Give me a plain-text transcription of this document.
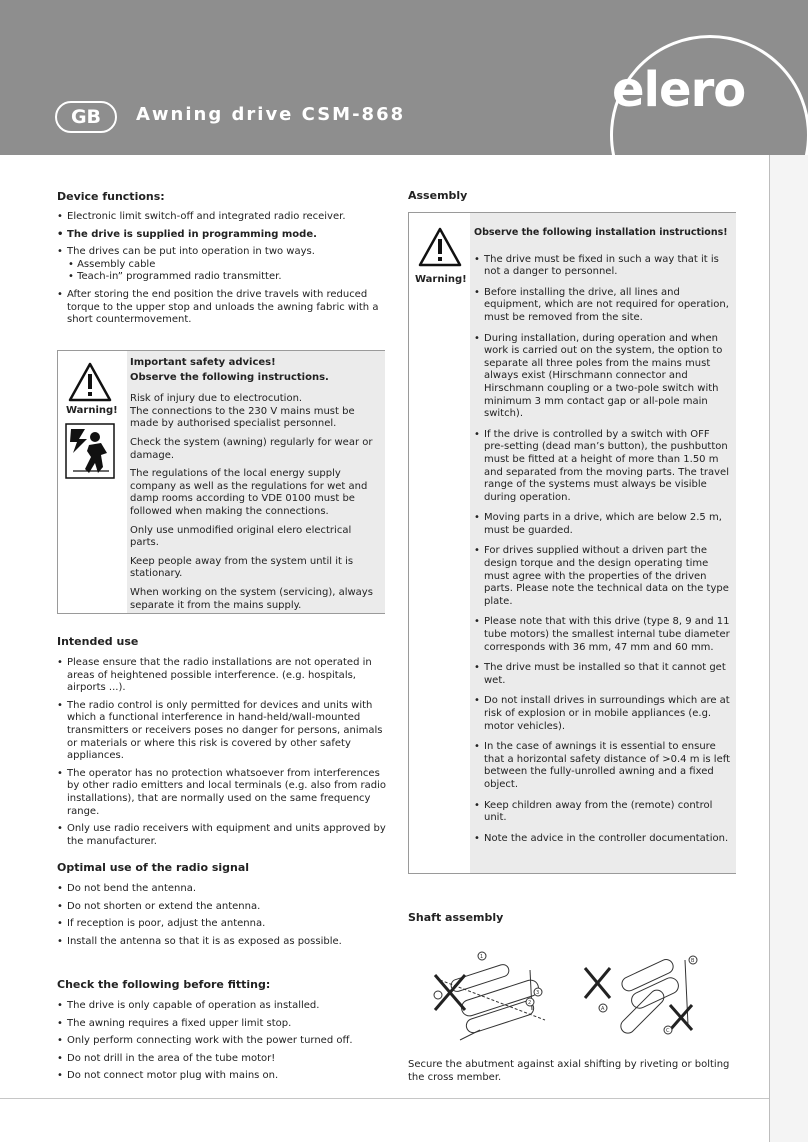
elero
GB	Awning drive CSM-868
Device functions:
• Electronic limit switch-off and integrated radio receiver.
• The drive is supplied in programming mode.
• The drives can be put into operation in two ways.
• Assembly cable
• Teach-in” programmed radio transmitter.
• After storing the end position the drive travels with reduced torque to the upper stop and unloads the awning fabric with a short countermovement.
Warning!

Important safety advices!

Observe the following instructions.

Risk of injury due to electrocution.

The connections to the 230 V mains must be made by authorised specialist personnel.

Check the system (awning) regularly for wear or damage.

The regulations of the local energy supply company as well as the regulations for wet and damp rooms according to VDE 0100 must be followed when making the connections.

Only use unmodified original elero electrical parts.

Keep people away from the system until it is stationary.

When working on the system (servicing), always separate it from the mains supply.

Intended use
• Please ensure that the radio installations are not operated in areas of heightened possible interference. (e.g. hospitals, airports ...).
• The radio control is only permitted for devices and units with which a functional interference in hand-held/wall-mounted transmitters or receivers poses no danger for persons, animals or materials or where this risk is covered by other safety appliances.
• The operator has no protection whatsoever from interferences by other radio emitters and local terminals (e.g. also from radio installations), that are normally used on the same frequency range.
• Only use radio receivers with equipment and units approved by the manufacturer.
Optimal use of the radio signal
• Do not bend the antenna.
• Do not shorten or extend the antenna.
• If reception is poor, adjust the antenna.
• Install the antenna so that it is as exposed as possible.
Check the following before fitting:
• The drive is only capable of operation as installed.
• The awning requires a fixed upper limit stop.
• Only perform connecting work with the power turned off.
• Do not drill in the area of the tube motor!
• Do not connect motor plug with mains on.
Assembly
Warning!
Observe the following installation instructions!
• The drive must be fixed in such a way that it is not a danger to personnel.
• Before installing the drive, all lines and equipment, which are not required for operation, must be removed from the site.
• During installation, during operation and when work is carried out on the system, the option to separate all three poles from the mains must always exist (Hirschmann connector and Hirschmann coupling or a two-pole switch with minimum 3 mm contact gap or all-pole main switch).
• If the drive is controlled by a switch with OFF pre-setting (dead man’s button), the pushbutton must be fitted at a height of more than 1.50 m and separated from the moving parts. The travel range of the systems must always be visible during operation.
• Moving parts in a drive, which are below 2.5 m, must be guarded.
• For drives supplied without a driven part the design torque and the design operating time must agree with the properties of the driven parts. Please note the technical data on the type plate.
• Please note that with this drive (type 8, 9 and 11 tube motors) the smallest internal tube diameter corresponds with 36 mm, 47 mm and 60 mm.
• The drive must be installed so that it cannot get wet.
• Do not install drives in surroundings which are at risk of explosion or in mobile appliances (e.g. motor vehicles).
• In the case of awnings it is essential to ensure that a horizontal safety distance of >0.4 m is left between the fully-unrolled awning and a fixed object.
• Keep children away from the (remote) control unit.
• Note the advice in the controller documentation.
Shaft assembly
1
2
3
A
B
C
Secure the abutment against axial shifting by riveting or bolting the cross member.
